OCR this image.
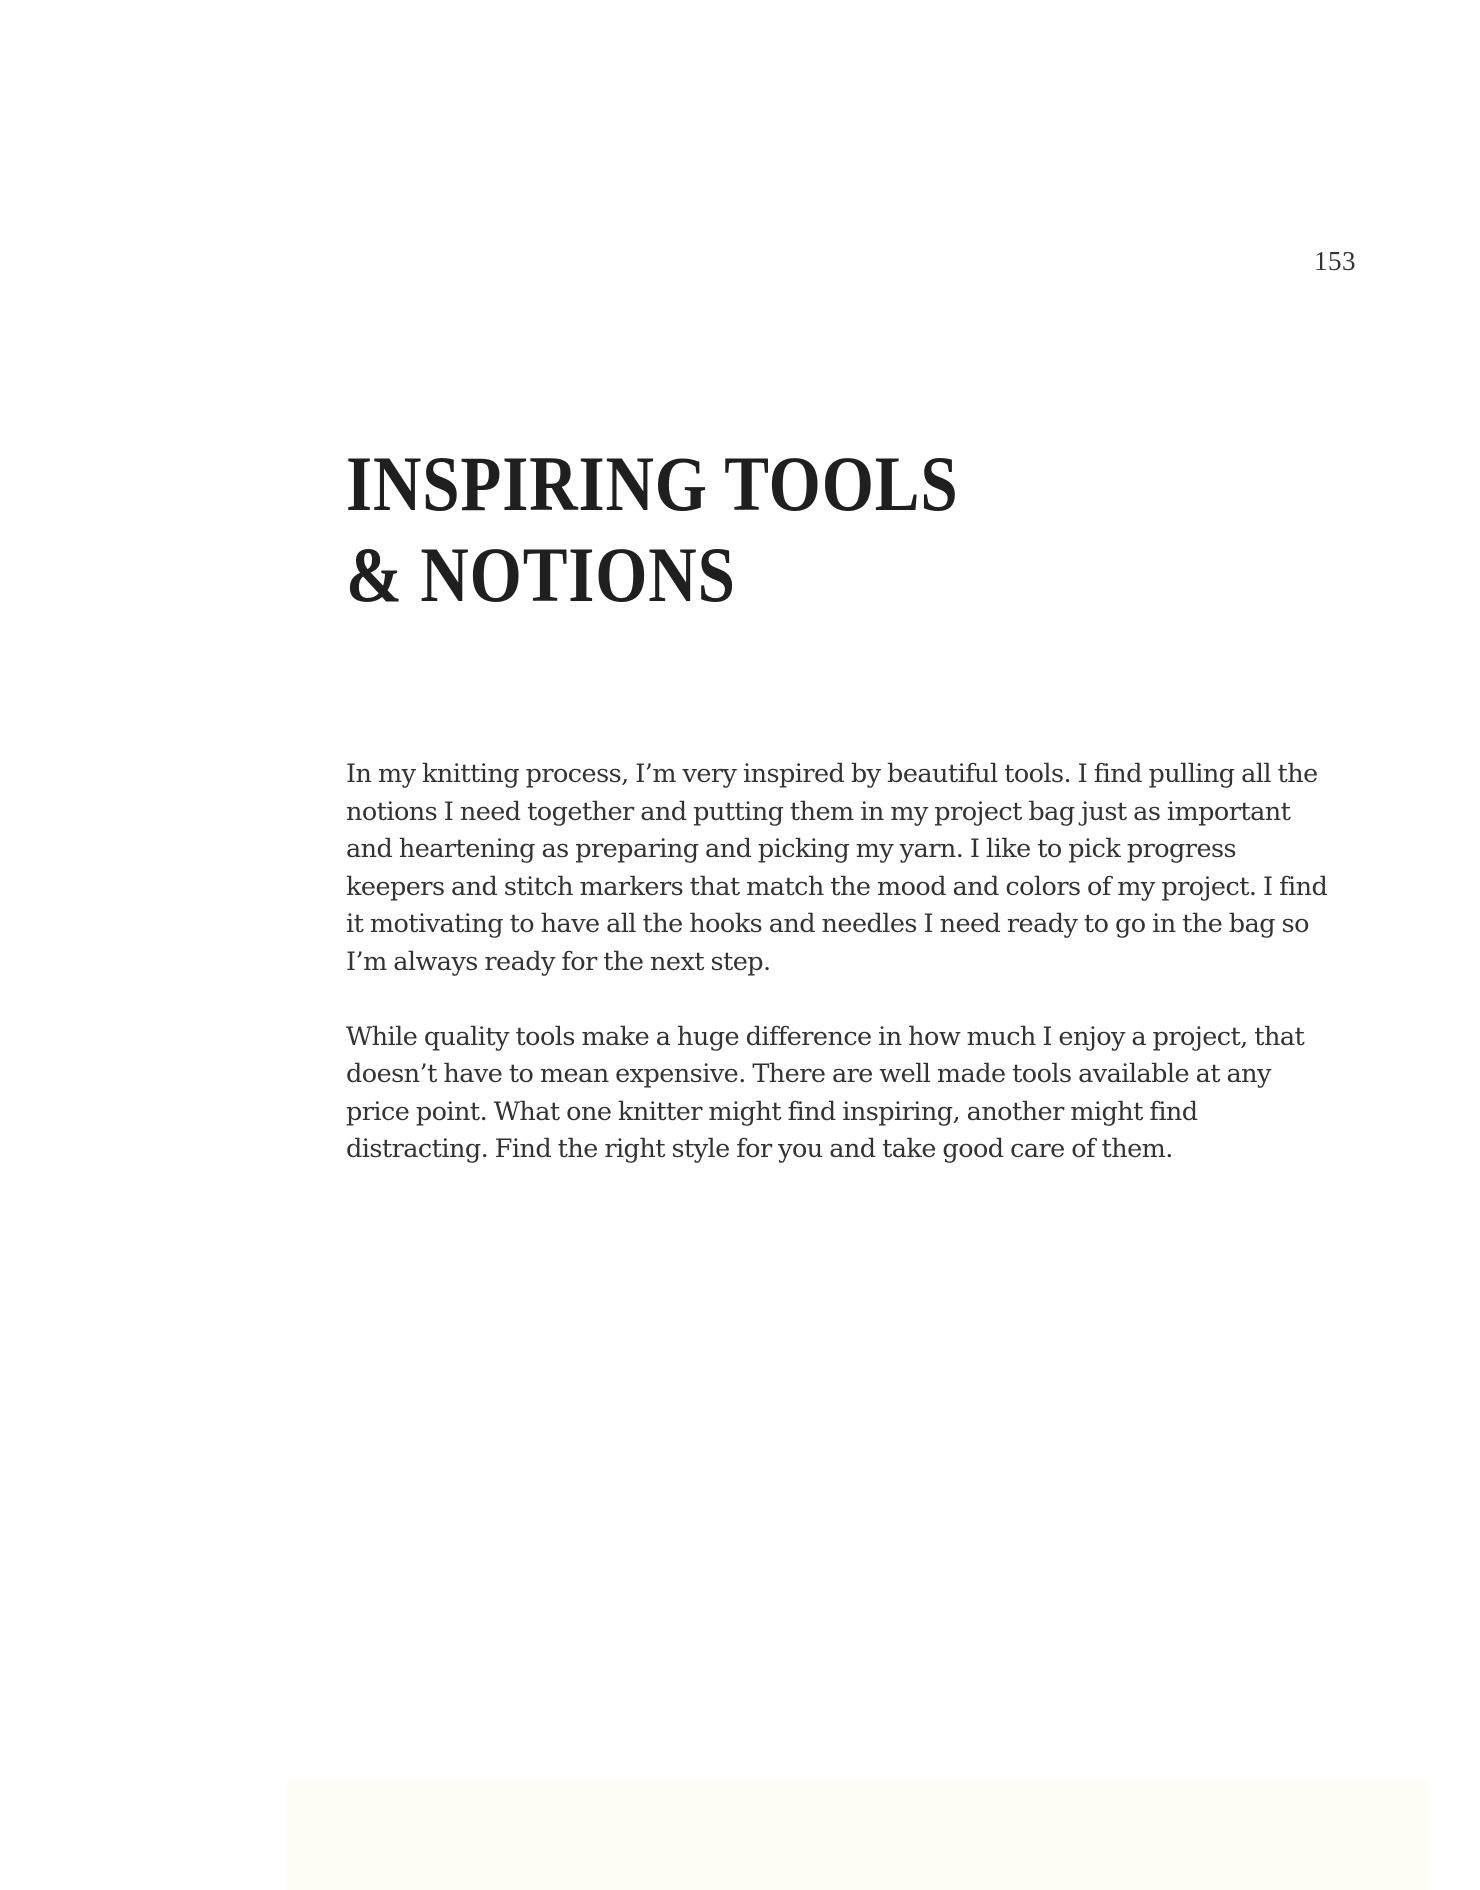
153
INSPIRING TOOLS
& NOTIONS

In my knitting process, I’m very inspired by beautiful tools. I find pulling all the notions I need together and putting them in my project bag just as important and heartening as preparing and picking my yarn. I like to pick progress keepers and stitch markers that match the mood and colors of my project. I find it motivating to have all the hooks and needles I need ready to go in the bag so I’m always ready for the next step.

While quality tools make a huge difference in how much I enjoy a project, that doesn’t have to mean expensive. There are well made tools available at any price point. What one knitter might find inspiring, another might find distracting. Find the right style for you and take good care of them.
